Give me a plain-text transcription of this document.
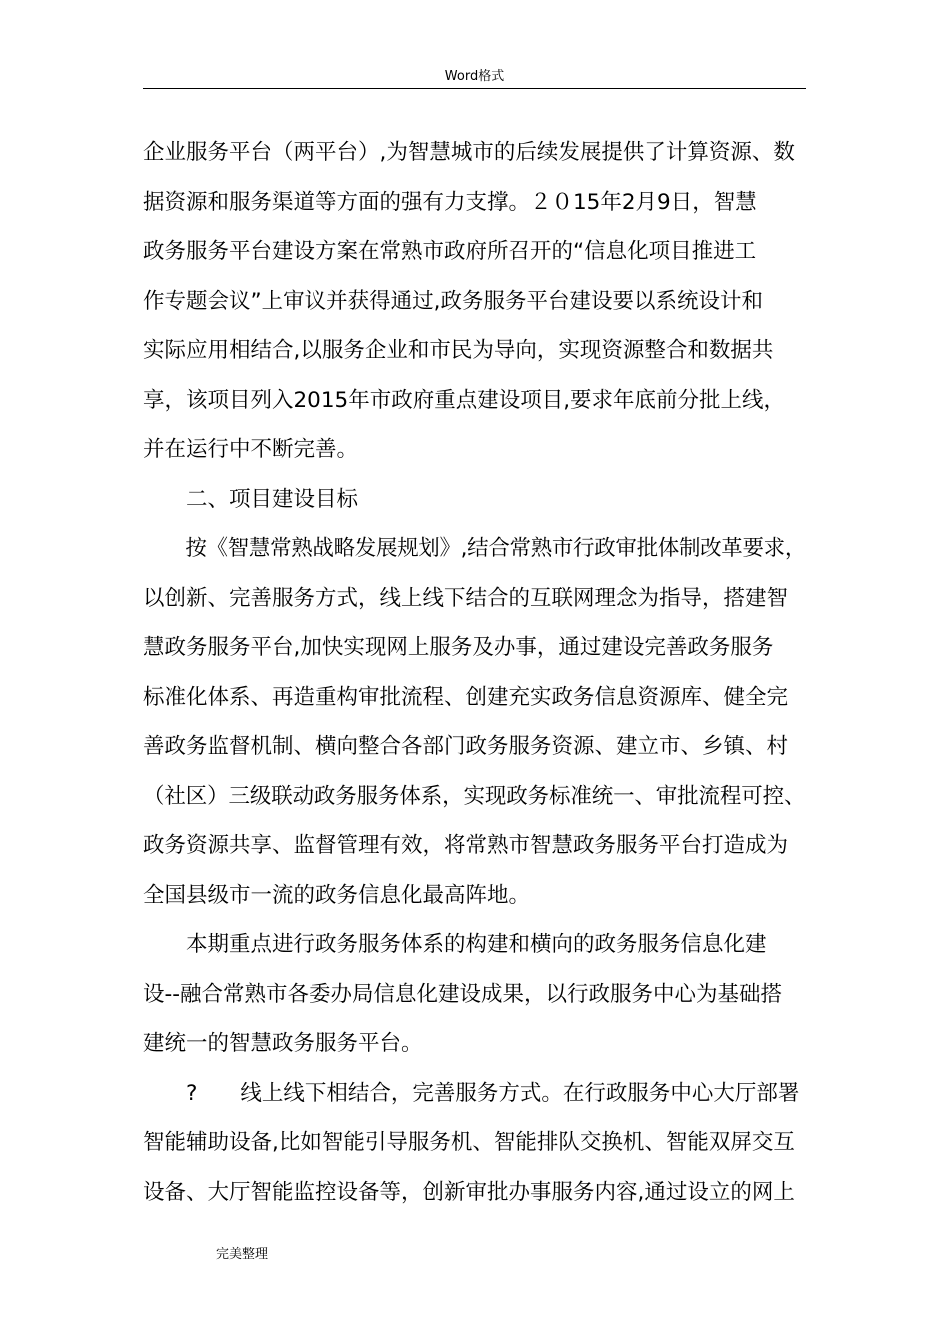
Word格式
企业服务平台（两平台）,为智慧城市的后续发展提供了计算资源、数
据资源和服务渠道等方面的强有力支撑。２０15年2月9日，智慧
政务服务平台建设方案在常熟市政府所召开的“信息化项目推进工
作专题会议”上审议并获得通过,政务服务平台建设要以系统设计和
实际应用相结合,以服务企业和市民为导向，实现资源整合和数据共
享，该项目列入2015年市政府重点建设项目,要求年底前分批上线，
并在运行中不断完善。
　　二、项目建设目标
　　按《智慧常熟战略发展规划》,结合常熟市行政审批体制改革要求，
以创新、完善服务方式，线上线下结合的互联网理念为指导，搭建智
慧政务服务平台,加快实现网上服务及办事，通过建设完善政务服务
标准化体系、再造重构审批流程、创建充实政务信息资源库、健全完
善政务监督机制、横向整合各部门政务服务资源、建立市、乡镇、村
（社区）三级联动政务服务体系，实现政务标准统一、审批流程可控、
政务资源共享、监督管理有效，将常熟市智慧政务服务平台打造成为
全国县级市一流的政务信息化最高阵地。
　　本期重点进行政务服务体系的构建和横向的政务服务信息化建
设--融合常熟市各委办局信息化建设成果，以行政服务中心为基础搭
建统一的智慧政务服务平台。
　　?　　线上线下相结合，完善服务方式。在行政服务中心大厅部署
智能辅助设备,比如智能引导服务机、智能排队交换机、智能双屏交互
设备、大厅智能监控设备等，创新审批办事服务内容,通过设立的网上
完美整理
